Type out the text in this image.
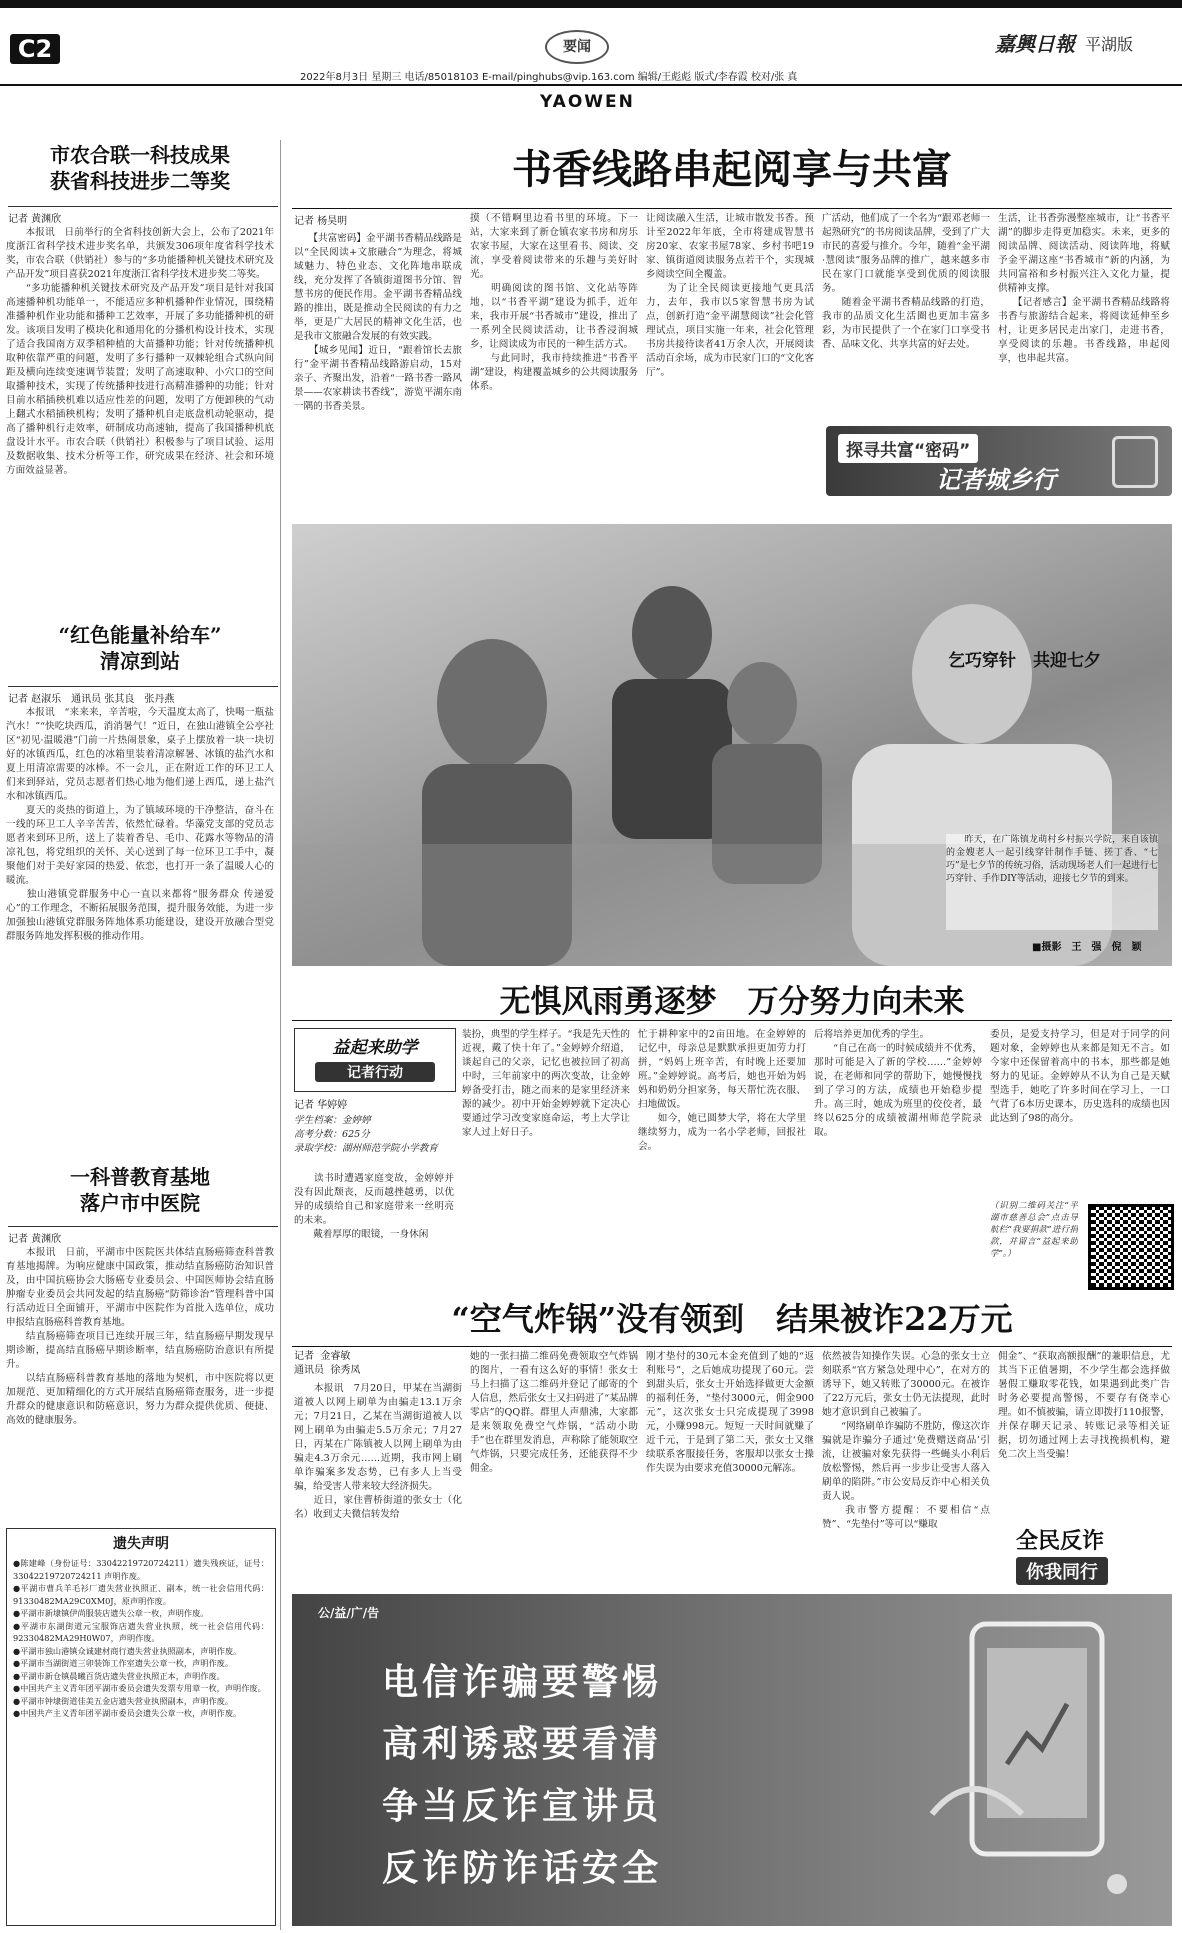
C2	要闻	嘉興日報 平湖版
2022年8月3日 星期三 电话/85018103 E-mail/pinghubs@vip.163.com 编辑/王彪彪 版式/李春霞 校对/张 真
YAOWEN
市农合联一科技成果
获省科技进步二等奖
记者 黄渊欣
　　本报讯　日前举行的全省科技创新大会上，公布了2021年度浙江省科学技术进步奖名单，共颁发306项年度省科学技术奖，市农合联（供销社）参与的“多功能播种机关键技术研究及产品开发”项目喜获2021年度浙江省科学技术进步奖二等奖。
　　“多功能播种机关键技术研究及产品开发”项目是针对我国高速播种机功能单一，不能适应多种机播种作业情况，围绕精准播种机作业功能和播种工艺效率，开展了多功能播种机的研发。该项目发明了模块化和通用化的分播机构设计技术，实现了适合我国南方双季稻种植的大苗播种功能；针对传统播种机取种依靠严重的问题，发明了多行播种一双棘轮组合式纵向间距及横向连续变速调节装置；发明了高速取种、小穴口的空间取播种技术，实现了传统播种技进行高精准播种的功能；针对目前水稻插秧机难以适应性差的问题，发明了方便卸秧的气动上翻式水稻插秧机构；发明了播种机自走底盘机动轮驱动，提高了播种机行走效率，研制成功高速轴，提高了我国播种机底盘设计水平。市农合联（供销社）积极参与了项目试验、运用及数据收集、技术分析等工作，研究成果在经济、社会和环境方面效益显著。
“红色能量补给车”
清凉到站
记者 赵淑乐　通讯员 张其良　张丹燕
　　本报讯　“来来来，辛苦啦，今天温度太高了，快喝一瓶盐汽水！”“快吃块西瓜，消消暑气！”近日，在独山港镇全公亭社区“初见·温暖港”门前一片热闹景象，桌子上摆放着一块一块切好的冰镇西瓜，红色的冰箱里装着清凉解暑、冰镇的盐汽水和夏上用清凉需要的冰棒。不一会儿，正在附近工作的环卫工人们来到驿站，党员志愿者们热心地为他们递上西瓜，递上盐汽水和冰镇西瓜。
　　夏天的炎热的街道上，为了镇域环境的干净整洁，奋斗在一线的环卫工人辛辛苦苦，依然忙碌着。华藻党支部的党员志愿者来到环卫所，送上了装着香皂、毛巾、花露水等物品的清凉礼包，将党组织的关怀、关心送到了每一位环卫工手中，凝聚他们对于美好家园的热爱、依恋，也打开一条了温暖人心的暖流。
　　独山港镇党群服务中心一直以来都将“服务群众 传递爱心”的工作理念，不断拓展服务范围，提升服务效能，为进一步加强独山港镇党群服务阵地体系功能建设，建设开放融合型党群服务阵地发挥积极的推动作用。
一科普教育基地
落户市中医院
记者 黄渊欣
　　本报讯　日前，平湖市中医院医共体结直肠癌筛查科普教育基地揭牌。为响应健康中国政策，推动结直肠癌防治知识普及，由中国抗癌协会大肠癌专业委员会、中国医师协会结直肠肿瘤专业委员会共同发起的结直肠癌“防筛诊治”管理科普中国行活动近日全面铺开，平湖市中医院作为首批入选单位，成功申报结直肠癌科普教育基地。
　　结直肠癌筛查项目已连续开展三年，结直肠癌早期发现早期诊断，提高结直肠癌早期诊断率，结直肠癌防治意识有所提升。
　　以结直肠癌科普教育基地的落地为契机，市中医院将以更加规范、更加精细化的方式开展结直肠癌筛查服务，进一步提升群众的健康意识和防癌意识，努力为群众提供优质、便捷、高效的健康服务。
遗失声明
●陈建峰（身份证号：33042219720724211）遗失残疾证，证号：33042219720724211 声明作废。
●平湖市曹兵羊毛衫厂遗失营业执照正、副本，统一社会信用代码：91330482MA29C0XM0J，原声明作废。
●平湖市新埭镇伊尚服装店遗失公章一枚，声明作废。
●平湖市东湖街道元宝服饰店遗失营业执照，统一社会信用代码：92330482MA29H0W07，声明作废。
●平湖市独山港镇众诚建材商行遗失营业执照副本，声明作废。
●平湖市当湖街道三卯装饰工作室遗失公章一枚，声明作废。
●平湖市新仓镇晨曦百货店遗失营业执照正本，声明作废。
●中国共产主义青年团平湖市委员会遗失发票专用章一枚，声明作废。
●平湖市钟埭街道佳美五金店遗失营业执照副本，声明作废。
●中国共产主义青年团平湖市委员会遗失公章一枚，声明作废。
书香线路串起阅享与共富
记者 杨昊明
　　【共富密码】金平湖书香精品线路是以“全民阅读+文旅融合”为理念，将城域魅力、特色业态、文化阵地串联成线，充分发挥了各镇街道图书分馆、智慧书房的便民作用。金平湖书香精品线路的推出，既是推动全民阅读的有力之举，更是广大居民的精神文化生活，也是我市文旅融合发展的有效实践。
　　【城乡见闻】近日，“跟着馆长去旅行”金平湖书香精品线路游启动，15对亲子、齐聚出发，沿着“一路书香一路风景——农家耕读书香线”，游览平湖东南一隅的书香美景。
摸（不错啊里边看书里的环境。下一站，大家来到了新仓镇农家书房和房乐农家书屋，大家在这里看书、阅读、交流，享受着阅读带来的乐趣与美好时光。
　　明确阅读的图书馆、文化站等阵地，以“书香平湖”建设为抓手，近年来，我市开展“书香城市”建设，推出了一系列全民阅读活动，让书香浸润城乡，让阅读成为市民的一种生活方式。
　　与此同时，我市持续推进“书香平湖”建设，构建覆盖城乡的公共阅读服务体系。
让阅读融入生活，让城市散发书香。预计至2022年年底，全市将建成智慧书房20家、农家书屋78家、乡村书吧19家、镇街道阅读服务点若干个，实现城乡阅读空间全覆盖。
　　为了让全民阅读更接地气更具活力，去年，我市以5家智慧书房为试点，创新打造“金平湖慧阅读”社会化管理试点，项目实施一年来，社会化管理书房共接待读者41万余人次，开展阅读活动百余场，成为市民家门口的“文化客厅”。
广活动，他们成了一个名为“跟邓老师一起熟研究”的书房阅读品牌，受到了广大市民的喜爱与推介。今年，随着“金平湖·慧阅读”服务品牌的推广，越来越多市民在家门口就能享受到优质的阅读服务。
　　随着金平湖书香精品线路的打造，我市的品质文化生活圈也更加丰富多彩，为市民提供了一个在家门口享受书香、品味文化、共享共富的好去处。
生活，让书香弥漫整座城市，让“书香平湖”的脚步走得更加稳实。未来，更多的阅读品牌、阅读活动、阅读阵地，将赋予金平湖这座“书香城市”新的内涵，为共同富裕和乡村振兴注入文化力量，提供精神支撑。
　　【记者感言】金平湖书香精品线路将书香与旅游结合起来，将阅读延伸至乡村，让更多居民走出家门，走进书香，享受阅读的乐趣。书香线路，串起阅享，也串起共富。
探寻共富“密码”
记者城乡行
乞巧穿针　共迎七夕
　　昨天，在广陈镇龙萌村乡村振兴学院，来自该镇的金嫂老人一起引线穿针制作手链、搓丁香、“七巧”是七夕节的传统习俗，活动现场老人们一起进行七巧穿针、手作DIY等活动，迎接七夕节的到来。
■摄影　王　强　倪　颖
无惧风雨勇逐梦　万分努力向未来
益起来助学
记者行动
记者 华婷婷
学生档案：金婷婷
高考分数：625分
录取学校：湖州师范学院小学教育
　　读书时遭遇家庭变故，金婷婷并没有因此颓丧，反而越挫越勇，以优异的成绩给自己和家庭带来一丝明亮的未来。
　　戴着厚厚的眼镜，一身休闲
装扮，典型的学生样子。“我是先天性的近视，戴了快十年了。”金婷婷介绍道，谈起自己的父亲，记忆也被拉回了初高中时，三年前家中的两次变故，让金婷婷备受打击，随之而来的是家里经济来源的减少。初中开始金婷婷就下定决心要通过学习改变家庭命运，考上大学让家人过上好日子。
忙于耕种家中的2亩田地。在金婷婷的记忆中，母亲总是默默承担更加劳力打拼，“妈妈上班辛苦，有时晚上还要加班。”金婷婷说。高考后，她也开始为妈妈和奶奶分担家务，每天帮忙洗衣服、扫地做饭。
　　如今，她已圆梦大学，将在大学里继续努力，成为一名小学老师，回报社会。
后将培养更加优秀的学生。
　　“自己在高一的时候成绩并不优秀，那时可能是入了新的学校……”金婷婷说，在老师和同学的帮助下，她慢慢找到了学习的方法，成绩也开始稳步提升。高三时，她成为班里的佼佼者，最终以625分的成绩被湖州师范学院录取。
委员，是爱支持学习，但是对于同学的问题对象，金婷婷也从来都是知无不言。如今家中还保留着高中的书本，那些都是她努力的见证。金婷婷从不认为自己是天赋型选手，她吃了许多时间在学习上，一口气背了6本历史课本，历史选科的成绩也因此达到了98的高分。
（识别二维码关注“平湖市慈善总会”点击导航栏“我要捐款”进行捐款，并留言“益起来助学”。）
“空气炸锅”没有领到　结果被诈22万元
记者  金睿敏
通讯员  徐秀凤
　　本报讯　7月20日，甲某在当湖街道被人以网上刷单为由骗走13.1万余元；7月21日，乙某在当湖街道被人以网上刷单为由骗走5.5万余元；7月27日，丙某在广陈镇被人以网上刷单为由骗走4.3万余元……近期，我市网上刷单诈骗案多发态势，已有多人上当受骗，给受害人带来较大经济损失。
　　近日，家住曹桥街道的张女士（化名）收到丈夫微信转发给
她的一张扫描二维码免费领取空气炸锅的图片，一看有这么好的事情！张女士马上扫描了这二维码并登记了邮寄的个人信息，然后张女士又扫码进了“某品牌零店”的QQ群。群里人声鼎沸，大家都是来领取免费空气炸锅，“活动小助手”也在群里发消息，声称除了能领取空气炸锅，只要完成任务，还能获得不少佣金。
刚才垫付的30元本金充值到了她的“返利账号”，之后她成功提现了60元。尝到甜头后，张女士开始选择做更大金额的福利任务，“垫付3000元，佣金900元”，这次张女士只完成提现了3998元，小赚998元。短短一天时间就赚了近千元，于是到了第二天，张女士又继续联系客服接任务，客服却以张女士操作失误为由要求充值30000元解冻。
依然被告知操作失误。心急的张女士立刻联系“官方紧急处理中心”，在对方的诱导下，她又转账了30000元。在被诈了22万元后，张女士仍无法提现，此时她才意识到自己被骗了。
　　“网络刷单诈骗防不胜防，像这次诈骗就是诈骗分子通过‘免费赠送商品’引流，让被骗对象先获得一些蝇头小利后放松警惕，然后再一步步让受害人落入刷单的陷阱。”市公安局反诈中心相关负责人说。
　　我市警方提醒：不要相信“点赞”、“先垫付”等可以“赚取
佣金”、“获取高额报酬”的兼职信息，尤其当下正值暑期，不少学生都会选择做暑假工赚取零花钱，如果遇到此类广告时务必要提高警惕，不要存有侥幸心理。如不慎被骗，请立即拨打110报警，并保存聊天记录、转账记录等相关证据，切勿通过网上去寻找挽损机构，避免二次上当受骗！
全民反诈
你我同行
公/益/广/告
电信诈骗要警惕
高利诱惑要看清
争当反诈宣讲员
反诈防诈话安全
